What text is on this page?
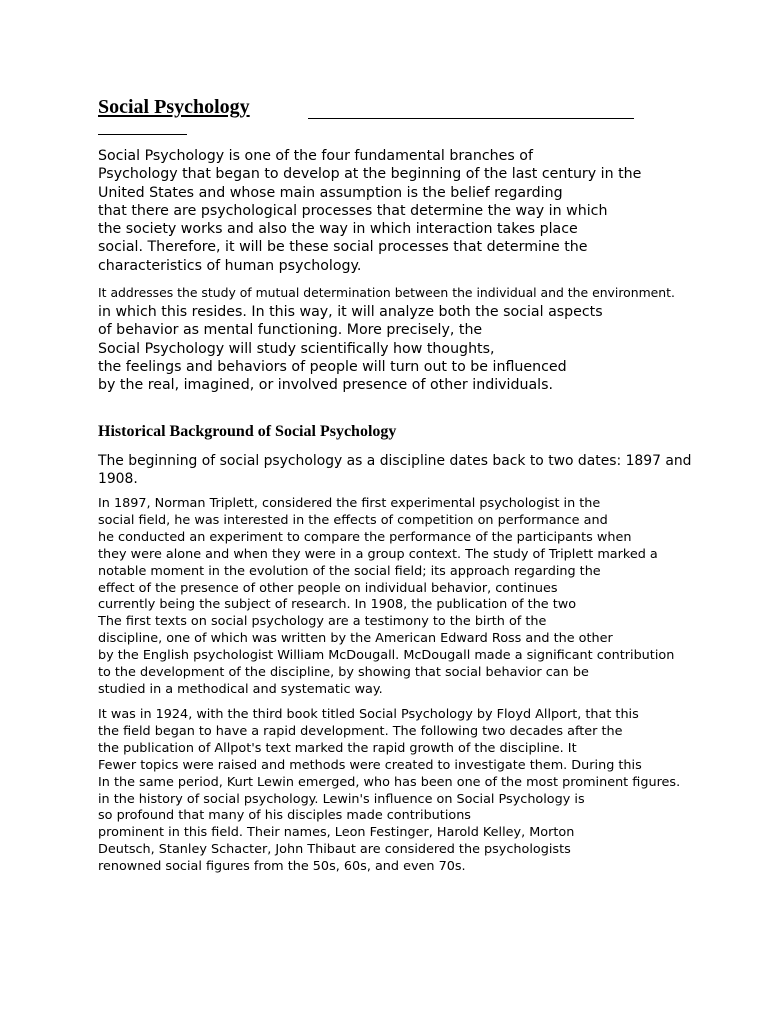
Social Psychology
Social Psychology is one of the four fundamental branches of
Psychology that began to develop at the beginning of the last century in the
United States and whose main assumption is the belief regarding
that there are psychological processes that determine the way in which
the society works and also the way in which interaction takes place
social. Therefore, it will be these social processes that determine the
characteristics of human psychology.
It addresses the study of mutual determination between the individual and the environment.
in which this resides. In this way, it will analyze both the social aspects
of behavior as mental functioning. More precisely, the
Social Psychology will study scientifically how thoughts,
the feelings and behaviors of people will turn out to be influenced
by the real, imagined, or involved presence of other individuals.
Historical Background of Social Psychology
The beginning of social psychology as a discipline dates back to two dates: 1897 and
1908.
In 1897, Norman Triplett, considered the first experimental psychologist in the
social field, he was interested in the effects of competition on performance and
he conducted an experiment to compare the performance of the participants when
they were alone and when they were in a group context. The study of Triplett marked a
notable moment in the evolution of the social field; its approach regarding the
effect of the presence of other people on individual behavior, continues
currently being the subject of research. In 1908, the publication of the two
The first texts on social psychology are a testimony to the birth of the
discipline, one of which was written by the American Edward Ross and the other
by the English psychologist William McDougall. McDougall made a significant contribution
to the development of the discipline, by showing that social behavior can be
studied in a methodical and systematic way.
It was in 1924, with the third book titled Social Psychology by Floyd Allport, that this
the field began to have a rapid development. The following two decades after the
the publication of Allpot's text marked the rapid growth of the discipline. It
Fewer topics were raised and methods were created to investigate them. During this
In the same period, Kurt Lewin emerged, who has been one of the most prominent figures.
in the history of social psychology. Lewin's influence on Social Psychology is
so profound that many of his disciples made contributions
prominent in this field. Their names, Leon Festinger, Harold Kelley, Morton
Deutsch, Stanley Schacter, John Thibaut are considered the psychologists
renowned social figures from the 50s, 60s, and even 70s.
